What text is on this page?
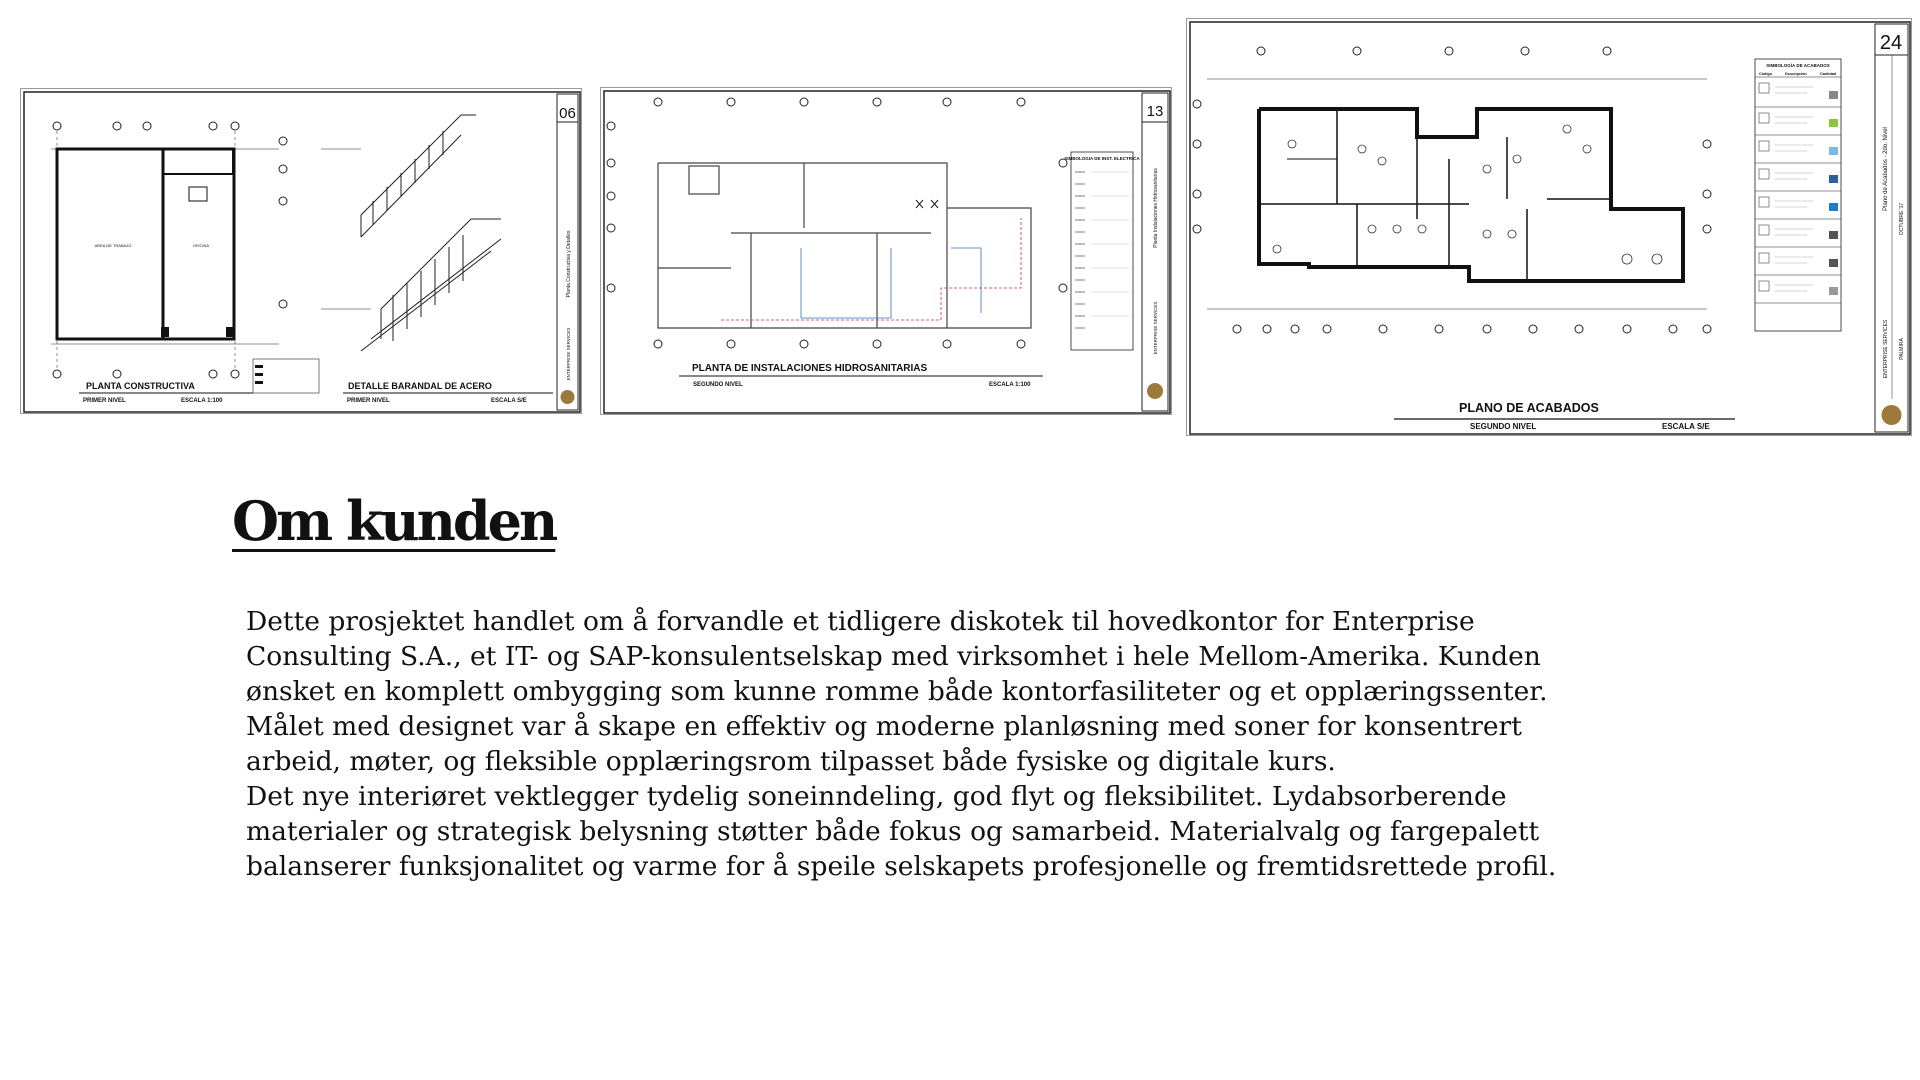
AREA DE TRABAJO	OFICINA
PLANTA CONSTRUCTIVA
PRIMER NIVEL	ESCALA 1:100
DETALLE BARANDAL DE ACERO
PRIMER NIVEL	ESCALA S/E
06
Planta Constructiva y Detalles
ENTERPRISE SERVICES	PLANTA DE INSTALACIONES HIDROSANITARIAS
SEGUNDO NIVEL	ESCALA 1:100
SIMBOLOGIA DE INST. ELECTRICA
13
Planta Instalaciones Hidrosanitarias
ENTERPRISE SERVICES
PLANO DE ACABADOS
SEGUNDO NIVEL	ESCALA S/E
SIMBOLOGÍA DE ACABADOS
Código	Descripción	Cantidad
24
Plano de Acabados - 2do. Nivel
ENTERPRISE SERVICES
OCTUBRE '17
PALMIRA
Om kunden

Dette prosjektet handlet om å forvandle et tidligere diskotek til hovedkontor for Enterprise Consulting S.A., et IT- og SAP-konsulentselskap med virksomhet i hele Mellom-Amerika. Kunden ønsket en komplett ombygging som kunne romme både kontorfasiliteter og et opplæringssenter.

Målet med designet var å skape en effektiv og moderne planløsning med soner for konsentrert arbeid, møter, og fleksible opplæringsrom tilpasset både fysiske og digitale kurs.

Det nye interiøret vektlegger tydelig soneinndeling, god flyt og fleksibilitet. Lydabsorberende materialer og strategisk belysning støtter både fokus og samarbeid. Materialvalg og fargepalett balanserer funksjonalitet og varme for å speile selskapets profesjonelle og fremtidsrettede profil.
